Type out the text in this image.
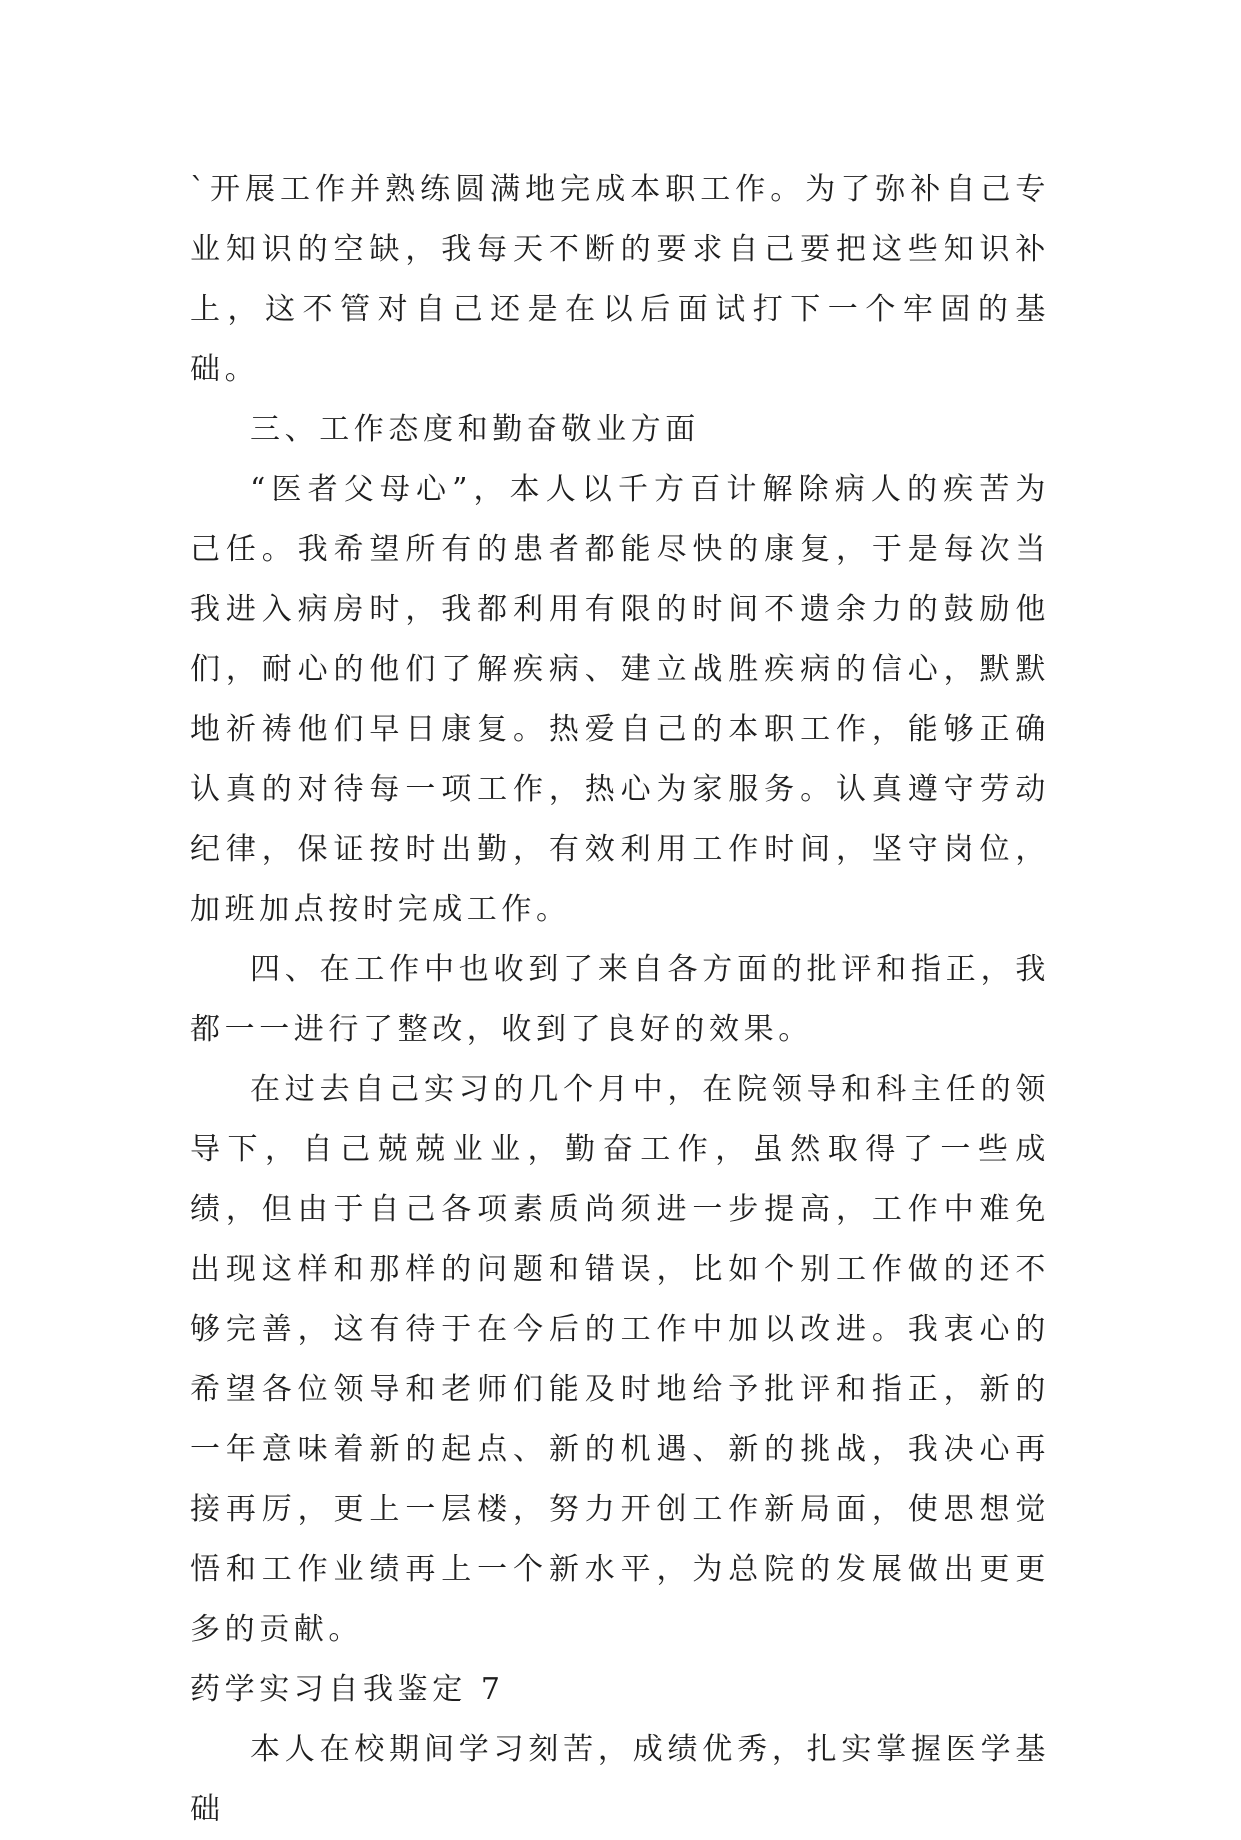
`开展工作并熟练圆满地完成本职工作。为了弥补自己专业知识的空缺，我每天不断的要求自己要把这些知识补上，这不管对自己还是在以后面试打下一个牢固的基础。

三、工作态度和勤奋敬业方面

“医者父母心”，本人以千方百计解除病人的疾苦为己任。我希望所有的患者都能尽快的康复，于是每次当我进入病房时，我都利用有限的时间不遗余力的鼓励他们，耐心的他们了解疾病、建立战胜疾病的信心，默默地祈祷他们早日康复。热爱自己的本职工作，能够正确认真的对待每一项工作，热心为家服务。认真遵守劳动纪律，保证按时出勤，有效利用工作时间，坚守岗位，加班加点按时完成工作。

四、在工作中也收到了来自各方面的批评和指正，我都一一进行了整改，收到了良好的效果。

在过去自己实习的几个月中，在院领导和科主任的领导下，自己兢兢业业，勤奋工作，虽然取得了一些成绩，但由于自己各项素质尚须进一步提高，工作中难免出现这样和那样的问题和错误，比如个别工作做的还不够完善，这有待于在今后的工作中加以改进。我衷心的希望各位领导和老师们能及时地给予批评和指正，新的一年意味着新的起点、新的机遇、新的挑战，我决心再接再厉，更上一层楼，努力开创工作新局面，使思想觉悟和工作业绩再上一个新水平，为总院的发展做出更更多的贡献。

药学实习自我鉴定 7

本人在校期间学习刻苦，成绩优秀，扎实掌握医学基础
